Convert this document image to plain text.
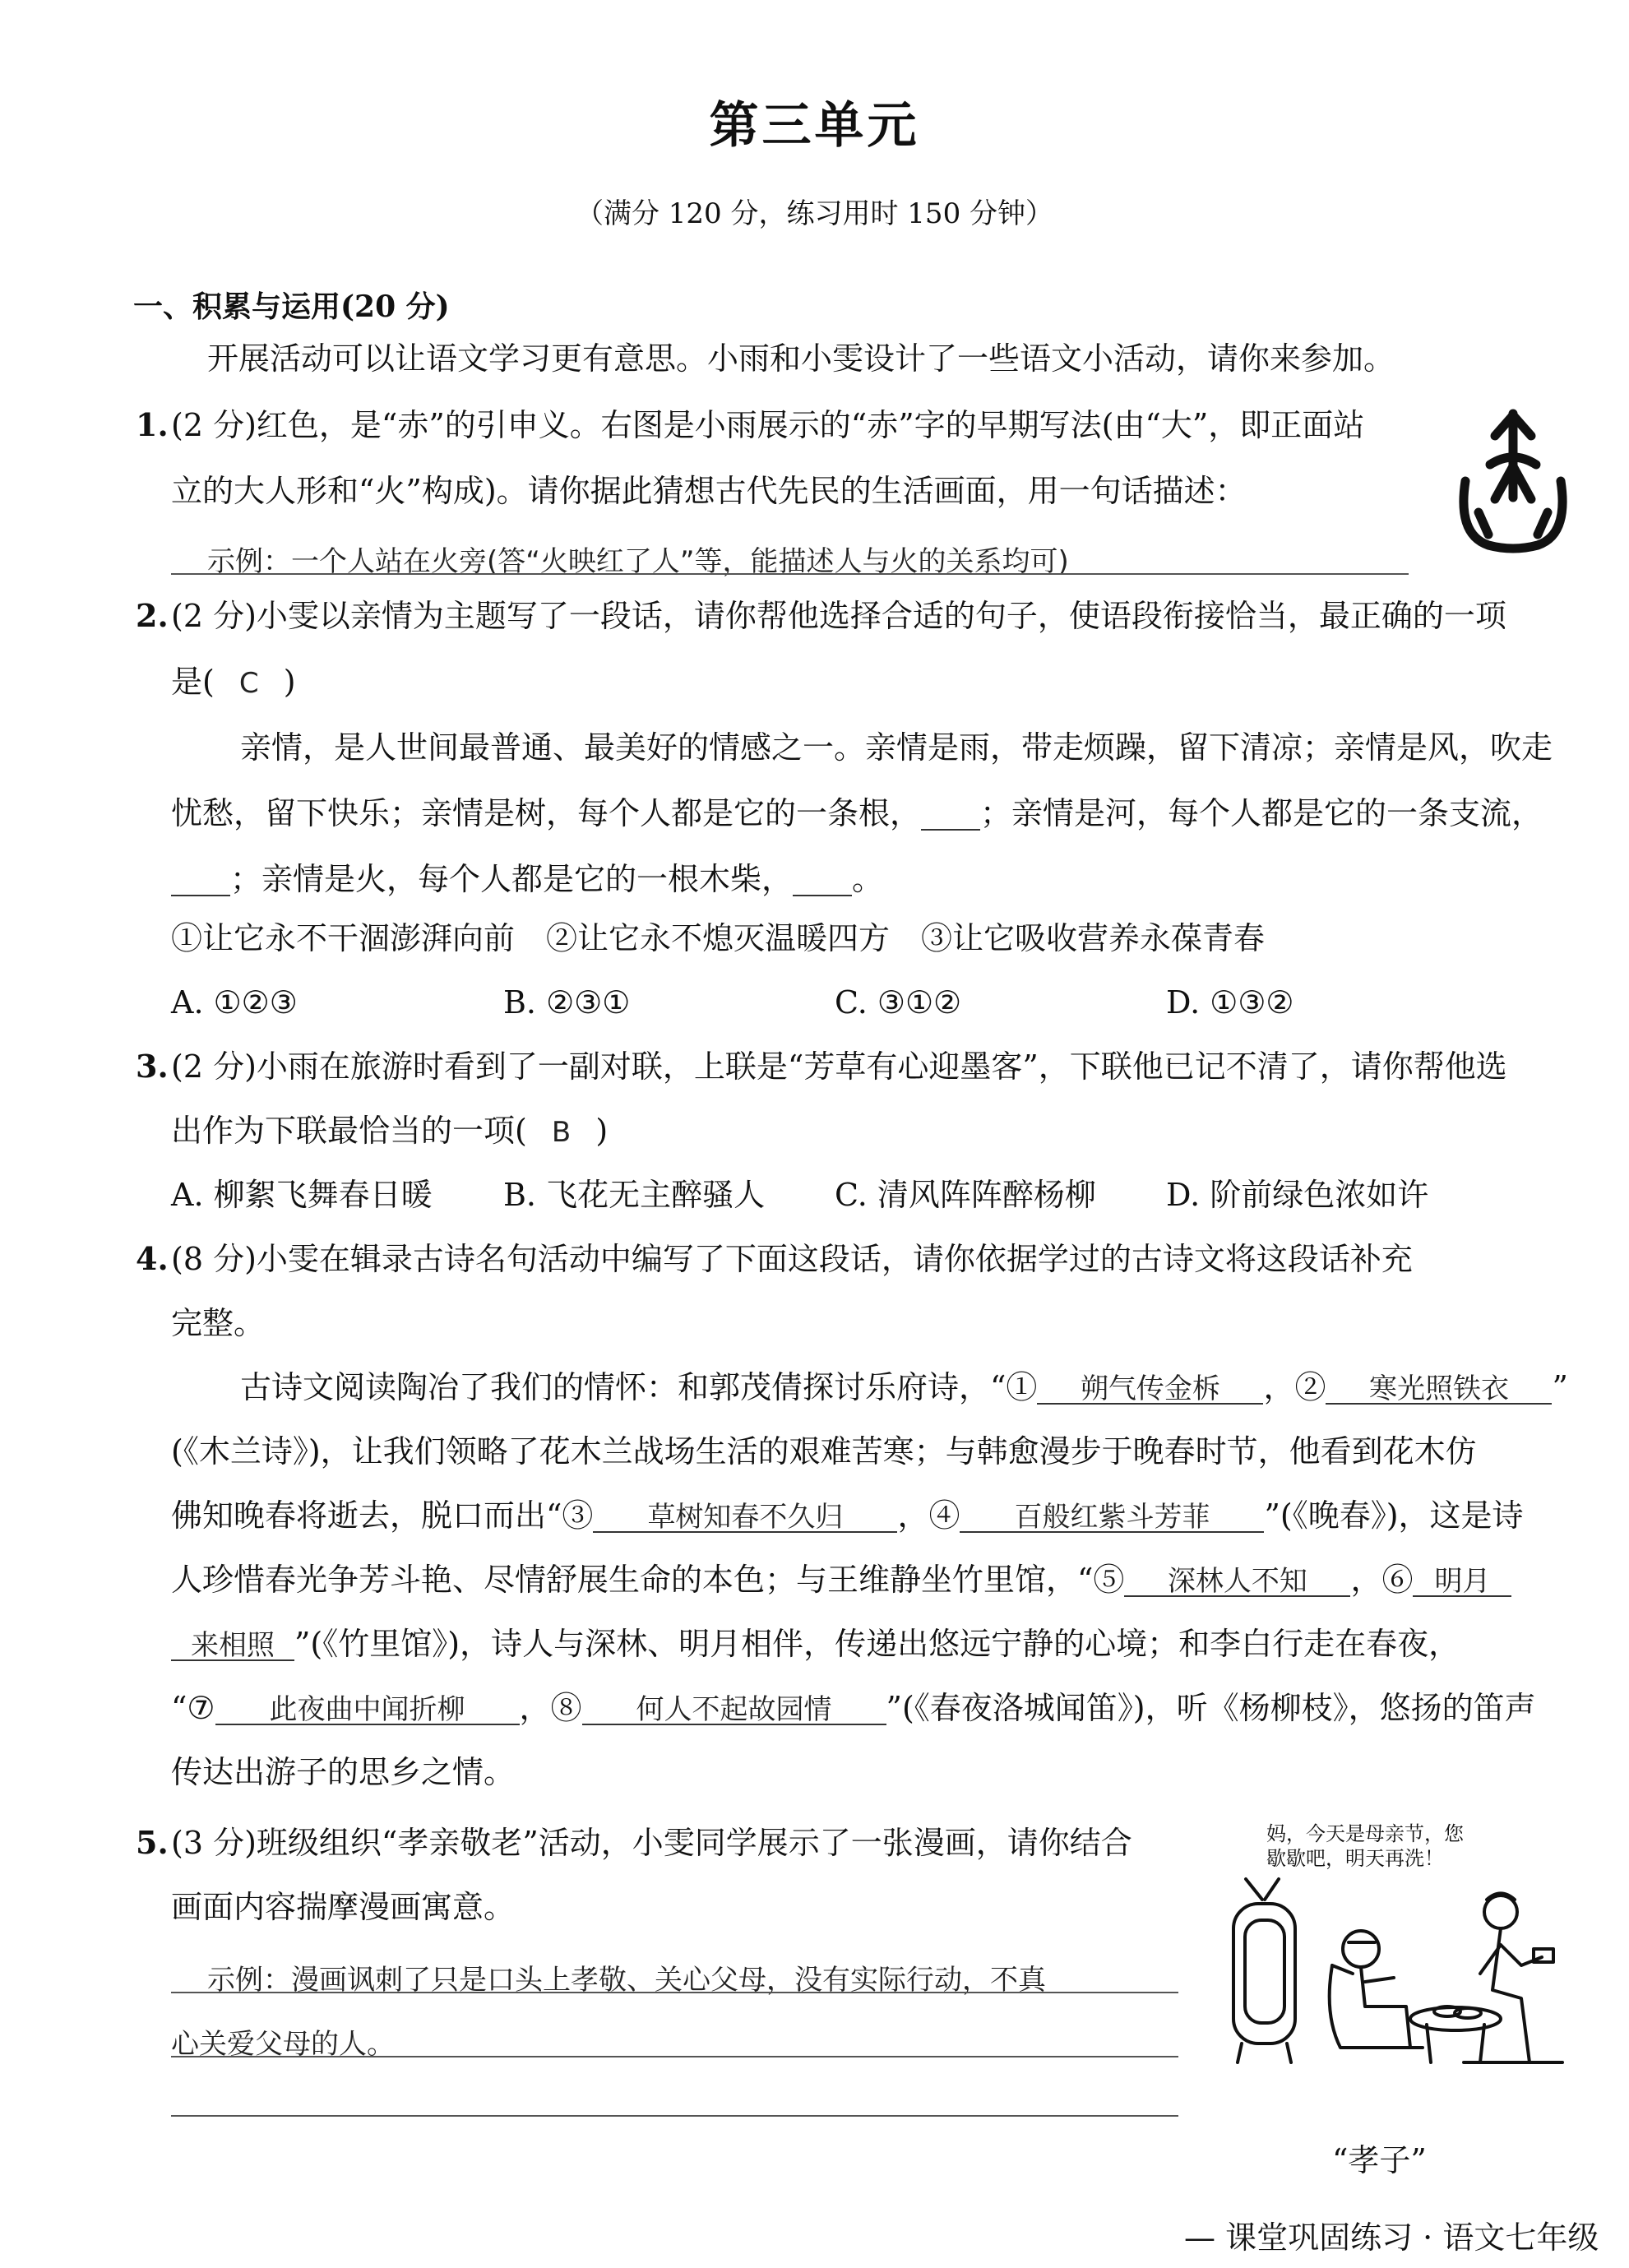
第三单元
（满分 120 分，练习用时 150 分钟）
一、积累与运用(20 分)
开展活动可以让语文学习更有意思。小雨和小雯设计了一些语文小活动，请你来参加。
1. (2 分)红色，是“赤”的引申义。右图是小雨展示的“赤”字的早期写法(由“大”，即正面站
立的大人形和“火”构成)。请你据此猜想古代先民的生活画面，用一句话描述：
示例：一个人站在火旁(答“火映红了人”等，能描述人与火的关系均可)
2. (2 分)小雯以亲情为主题写了一段话，请你帮他选择合适的句子，使语段衔接恰当，最正确的一项
是( C )
亲情，是人世间最普通、最美好的情感之一。亲情是雨，带走烦躁，留下清凉；亲情是风，吹走
忧愁，留下快乐；亲情是树，每个人都是它的一条根， ；亲情是河，每个人都是它的一条支流，
；亲情是火，每个人都是它的一根木柴， 。
①让它永不干涸澎湃向前　②让它永不熄灭温暖四方　③让它吸收营养永葆青春
A. ①②③	B. ②③①	C. ③①②	D. ①③②
3. (2 分)小雨在旅游时看到了一副对联，上联是“芳草有心迎墨客”，下联他已记不清了，请你帮他选
出作为下联最恰当的一项( B )
A. 柳絮飞舞春日暖 B. 飞花无主醉骚人 C. 清风阵阵醉杨柳 D. 阶前绿色浓如许
4. (8 分)小雯在辑录古诗名句活动中编写了下面这段话，请你依据学过的古诗文将这段话补充
完整。
古诗文阅读陶冶了我们的情怀：和郭茂倩探讨乐府诗，“① 朔气传金柝 ，② 寒光照铁衣 ”
(《木兰诗》)，让我们领略了花木兰战场生活的艰难苦寒；与韩愈漫步于晚春时节，他看到花木仿
佛知晚春将逝去，脱口而出“③ 草树知春不久归 ，④ 百般红紫斗芳菲 ”(《晚春》)，这是诗
人珍惜春光争芳斗艳、尽情舒展生命的本色；与王维静坐竹里馆，“⑤ 深林人不知 ，⑥ 明月
来相照 ”(《竹里馆》)，诗人与深林、明月相伴，传递出悠远宁静的心境；和李白行走在春夜，
“⑦ 此夜曲中闻折柳 ，⑧ 何人不起故园情 ”(《春夜洛城闻笛》)，听《杨柳枝》，悠扬的笛声
传达出游子的思乡之情。
5. (3 分)班级组织“孝亲敬老”活动，小雯同学展示了一张漫画，请你结合
画面内容揣摩漫画寓意。
示例：漫画讽刺了只是口头上孝敬、关心父母，没有实际行动，不真
心关爱父母的人。
妈，今天是母亲节，您
歇歇吧，明天再洗！
“孝子”
— 课堂巩固练习 · 语文七年级
